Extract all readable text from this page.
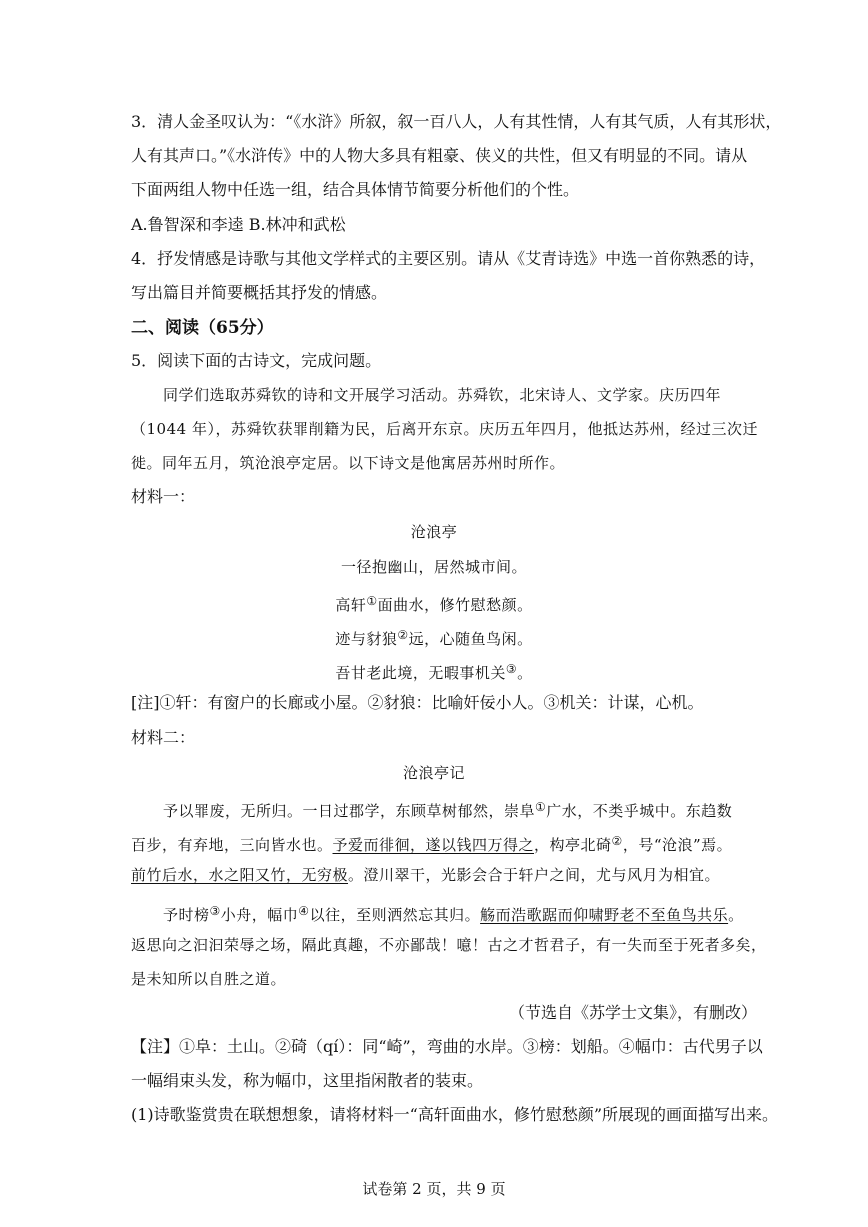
3．清人金圣叹认为：“《水浒》所叙，叙一百八人，人有其性情，人有其气质，人有其形状，
人有其声口。”《水浒传》中的人物大多具有粗豪、侠义的共性，但又有明显的不同。请从
下面两组人物中任选一组，结合具体情节简要分析他们的个性。
A.鲁智深和李逵 B.林冲和武松
4．抒发情感是诗歌与其他文学样式的主要区别。请从《艾青诗选》中选一首你熟悉的诗，
写出篇目并简要概括其抒发的情感。
二、阅读（65分）
5．阅读下面的古诗文，完成问题。
同学们选取苏舜钦的诗和文开展学习活动。苏舜钦，北宋诗人、文学家。庆历四年
（1044 年），苏舜钦获罪削籍为民，后离开东京。庆历五年四月，他抵达苏州，经过三次迁
徙。同年五月，筑沧浪亭定居。以下诗文是他寓居苏州时所作。
材料一：
沧浪亭
一径抱幽山，居然城市间。
高轩①面曲水，修竹慰愁颜。
迹与豺狼②远，心随鱼鸟闲。
吾甘老此境，无暇事机关③。
[注]①轩：有窗户的长廊或小屋。②豺狼：比喻奸佞小人。③机关：计谋，心机。
材料二：
沧浪亭记
予以罪废，无所归。一日过郡学，东顾草树郁然，崇阜①广水，不类乎城中。东趋数
百步，有弃地，三向皆水也。予爱而徘徊，遂以钱四万得之，构亭北碕②，号“沧浪”焉。
前竹后水，水之阳又竹，无穷极。澄川翠干，光影会合于轩户之间，尤与风月为相宜。
予时榜③小舟，幅巾④以往，至则洒然忘其归。觞而浩歌踞而仰啸野老不至鱼鸟共乐。
返思向之汩汩荣辱之场，隔此真趣，不亦鄙哉！噫！古之才哲君子，有一失而至于死者多矣，
是未知所以自胜之道。
（节选自《苏学士文集》，有删改）
【注】①阜：土山。②碕（qí）：同“崎”，弯曲的水岸。③榜：划船。④幅巾：古代男子以
一幅绢束头发，称为幅巾，这里指闲散者的装束。
(1)诗歌鉴赏贵在联想想象，请将材料一“高轩面曲水，修竹慰愁颜”所展现的画面描写出来。
试卷第 2 页，共 9 页
